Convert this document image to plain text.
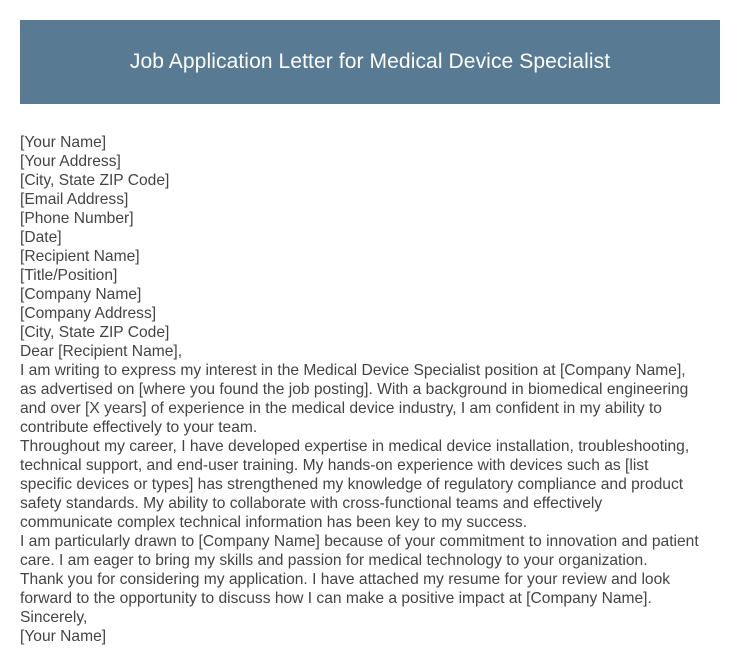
Job Application Letter for Medical Device Specialist
[Your Name]
[Your Address]
[City, State ZIP Code]
[Email Address]
[Phone Number]
[Date]
[Recipient Name]
[Title/Position]
[Company Name]
[Company Address]
[City, State ZIP Code]
Dear [Recipient Name],
I am writing to express my interest in the Medical Device Specialist position at [Company Name],
as advertised on [where you found the job posting]. With a background in biomedical engineering
and over [X years] of experience in the medical device industry, I am confident in my ability to
contribute effectively to your team.
Throughout my career, I have developed expertise in medical device installation, troubleshooting,
technical support, and end-user training. My hands-on experience with devices such as [list
specific devices or types] has strengthened my knowledge of regulatory compliance and product
safety standards. My ability to collaborate with cross-functional teams and effectively
communicate complex technical information has been key to my success.
I am particularly drawn to [Company Name] because of your commitment to innovation and patient
care. I am eager to bring my skills and passion for medical technology to your organization.
Thank you for considering my application. I have attached my resume for your review and look
forward to the opportunity to discuss how I can make a positive impact at [Company Name].
Sincerely,
[Your Name]
